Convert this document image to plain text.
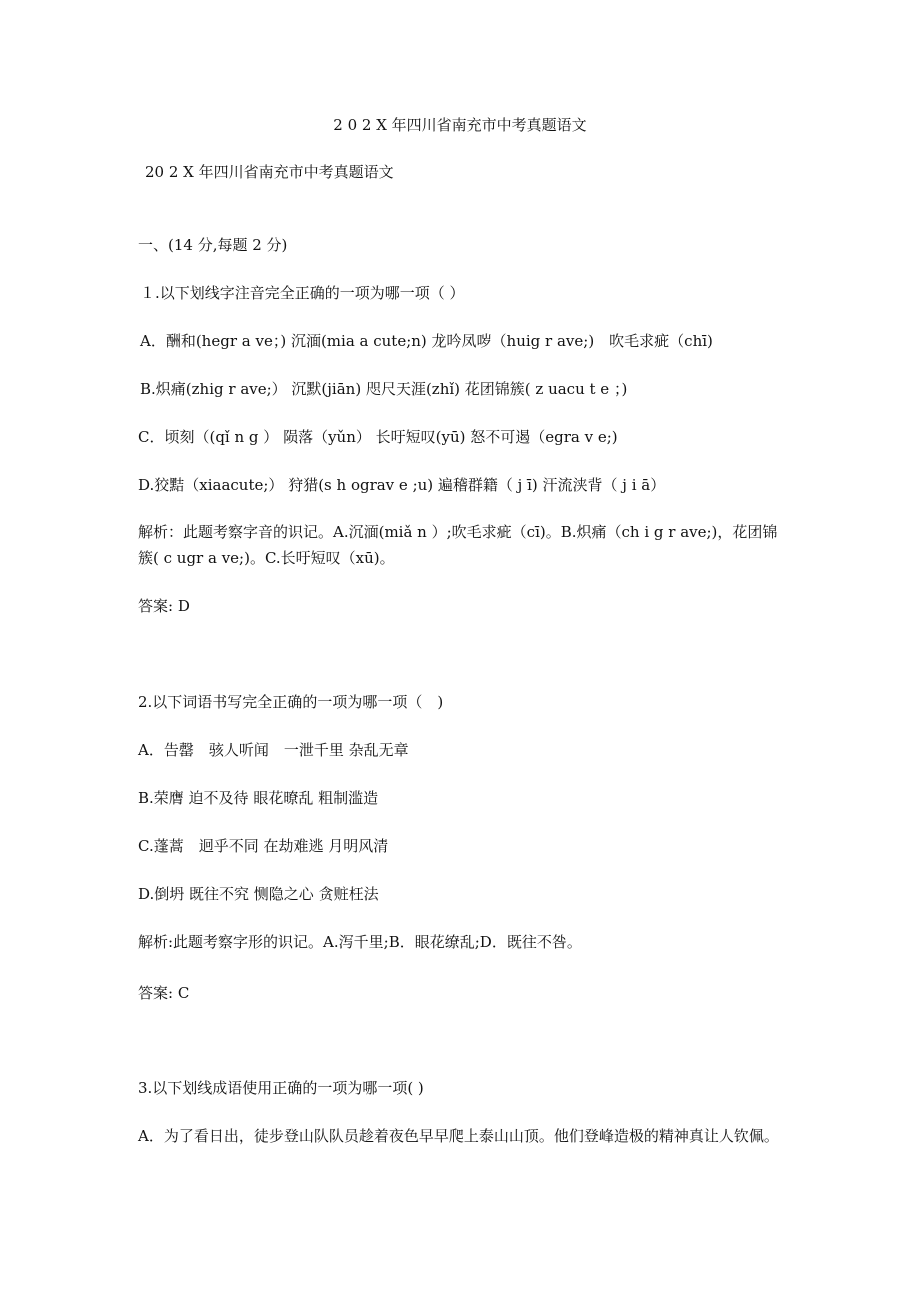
2 0 2 X 年四川省南充市中考真题语文
20 2 X 年四川省南充市中考真题语文
一、(14 分,每题 2 分)
１.以下划线字注音完全正确的一项为哪一项（ ）
A．酬和(hegr a ve；) 沉湎(mia a cute;n) 龙吟凤哕（huig r ave;)　吹毛求疵（chī)
B.炽痛(zhig r ave;） 沉默(jiān) 咫尺天涯(zhǐ) 花团锦簇( z uacu t e ；)
C．顷刻（(qǐ n g ） 陨落（yǔn） 长吁短叹(yū) 怒不可遏（egra v e;)
D.狡黠（xiaacute;） 狩猎(s h ograv e ;u) 遍稽群籍（ j ī) 汗流浃背（ j i ā）
解析：此题考察字音的识记。A.沉湎(miǎ n ）;吹毛求疵（cī)。B.炽痛（ch i g r ave;)，花团锦簇( c ugr a ve;)。C.长吁短叹（xū)。
答案: D
2.以下词语书写完全正确的一项为哪一项（　)
A．告罄　骇人听闻　一泄千里 杂乱无章
B.荣膺 迫不及待 眼花暸乱 粗制滥造
C.蓬蒿　迥乎不同 在劫难逃 月明风清
D.倒坍 既往不究 恻隐之心 贪赃枉法
解析:此题考察字形的识记。A.泻千里;B．眼花缭乱;D．既往不咎。
答案: C
3.以下划线成语使用正确的一项为哪一项( )
A．为了看日出，徒步登山队队员趁着夜色早早爬上泰山山顶。他们登峰造极的精神真让人钦佩。
